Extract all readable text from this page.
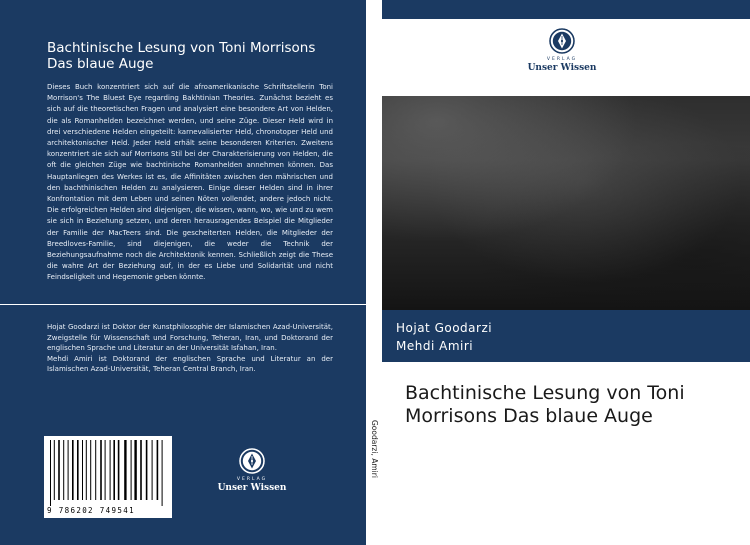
Bachtinische Lesung von Toni Morrisons
Das blaue Auge
Dieses Buch konzentriert sich auf die afroamerikanische Schriftstellerin Toni Morrison's The Bluest Eye regarding Bakhtinian Theories. Zunächst bezieht es sich auf die theoretischen Fragen und analysiert eine besondere Art von Helden, die als Romanhelden bezeichnet werden, und seine Züge. Dieser Held wird in drei verschiedene Helden eingeteilt: karnevalisierter Held, chronotoper Held und architektonischer Held. Jeder Held erhält seine besonderen Kriterien. Zweitens konzentriert sie sich auf Morrisons Stil bei der Charakterisierung von Helden, die oft die gleichen Züge wie bachtinische Romanhelden annehmen können. Das Hauptanliegen des Werkes ist es, die Affinitäten zwischen den mährischen und den bachthinischen Helden zu analysieren. Einige dieser Helden sind in ihrer Konfrontation mit dem Leben und seinen Nöten vollendet, andere jedoch nicht. Die erfolgreichen Helden sind diejenigen, die wissen, wann, wo, wie und zu wem sie sich in Beziehung setzen, und deren herausragendes Beispiel die Mitglieder der Familie der MacTeers sind. Die gescheiterten Helden, die Mitglieder der Breedloves-Familie, sind diejenigen, die weder die Technik der Beziehungsaufnahme noch die Architektonik kennen. Schließlich zeigt die These die wahre Art der Beziehung auf, in der es Liebe und Solidarität und nicht Feindseligkeit und Hegemonie geben könnte.

Hojat Goodarzi ist Doktor der Kunstphilosophie der Islamischen Azad-Universität, Zweigstelle für Wissenschaft und Forschung, Teheran, Iran, und Doktorand der englischen Sprache und Literatur an der Universität Isfahan, Iran.

Mehdi Amiri ist Doktorand der englischen Sprache und Literatur an der Islamischen Azad-Universität, Teheran Central Branch, Iran.

9 786202 749541
VERLAG
Unser Wissen
Goodarzi, Amiri
VERLAG
Unser Wissen
Hojat Goodarzi
Mehdi Amiri
Bachtinische Lesung von Toni
Morrisons Das blaue Auge
